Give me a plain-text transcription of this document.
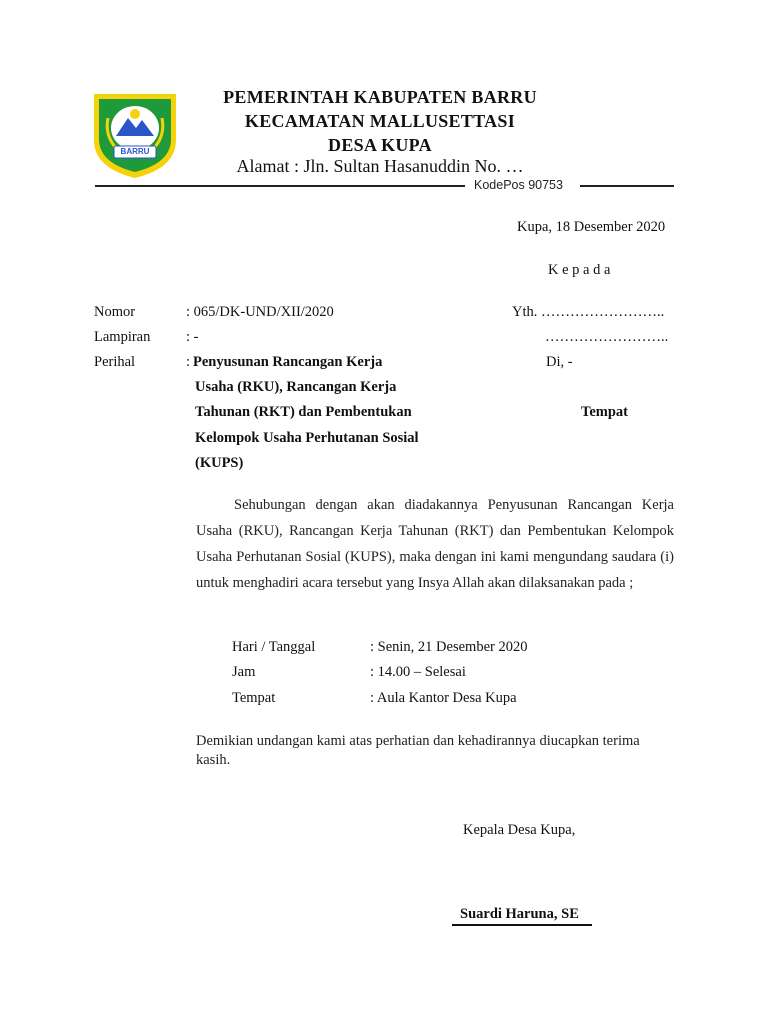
BARRU
PEMERINTAH KABUPATEN BARRU
KECAMATAN MALLUSETTASI
DESA KUPA
Alamat : Jln. Sultan Hasanuddin No. …
KodePos 90753
Kupa, 18 Desember 2020
K e p a d a
Nomor	: 065/DK-UND/XII/2020
Lampiran : -
Perihal	: Penyusunan Rancangan Kerja
Usaha (RKU), Rancangan Kerja
Tahunan (RKT) dan Pembentukan
Kelompok Usaha Perhutanan Sosial
(KUPS)
Yth. ……………………..
……………………..
Di, -
Tempat
Sehubungan dengan akan diadakannya Penyusunan Rancangan Kerja Usaha (RKU), Rancangan Kerja Tahunan (RKT) dan Pembentukan Kelompok Usaha Perhutanan Sosial (KUPS), maka dengan ini kami mengundang saudara (i) untuk menghadiri acara tersebut yang Insya Allah akan dilaksanakan pada ;
Hari / Tanggal	: Senin, 21 Desember 2020
Jam	: 14.00 – Selesai
Tempat	: Aula Kantor Desa Kupa
Demikian undangan kami atas perhatian dan kehadirannya diucapkan terima kasih.
Kepala Desa Kupa,
Suardi Haruna, SE
